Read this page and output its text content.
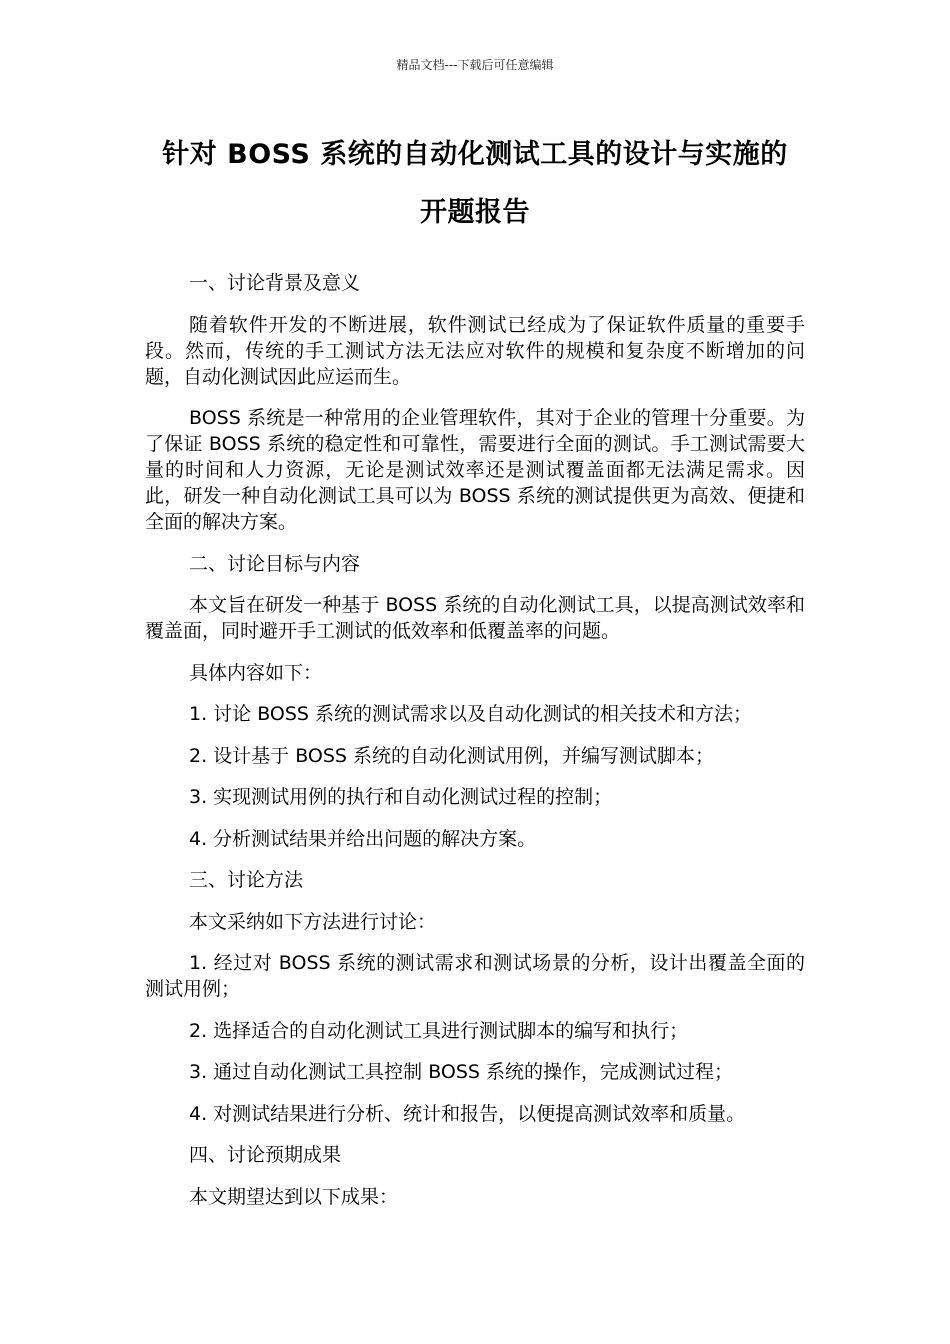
精品文档---下载后可任意编辑
针对 BOSS 系统的自动化测试工具的设计与实施的
开题报告

一、讨论背景及意义

随着软件开发的不断进展，软件测试已经成为了保证软件质量的重要手段。然而，传统的手工测试方法无法应对软件的规模和复杂度不断增加的问题，自动化测试因此应运而生。

BOSS 系统是一种常用的企业管理软件，其对于企业的管理十分重要。为了保证 BOSS 系统的稳定性和可靠性，需要进行全面的测试。手工测试需要大量的时间和人力资源，无论是测试效率还是测试覆盖面都无法满足需求。因此，研发一种自动化测试工具可以为 BOSS 系统的测试提供更为高效、便捷和全面的解决方案。

二、讨论目标与内容

本文旨在研发一种基于 BOSS 系统的自动化测试工具，以提高测试效率和覆盖面，同时避开手工测试的低效率和低覆盖率的问题。

具体内容如下：

1. 讨论 BOSS 系统的测试需求以及自动化测试的相关技术和方法；

2. 设计基于 BOSS 系统的自动化测试用例，并编写测试脚本；

3. 实现测试用例的执行和自动化测试过程的控制；

4. 分析测试结果并给出问题的解决方案。

三、讨论方法

本文采纳如下方法进行讨论：

1. 经过对 BOSS 系统的测试需求和测试场景的分析，设计出覆盖全面的测试用例；

2. 选择适合的自动化测试工具进行测试脚本的编写和执行；

3. 通过自动化测试工具控制 BOSS 系统的操作，完成测试过程；

4. 对测试结果进行分析、统计和报告，以便提高测试效率和质量。

四、讨论预期成果

本文期望达到以下成果：
